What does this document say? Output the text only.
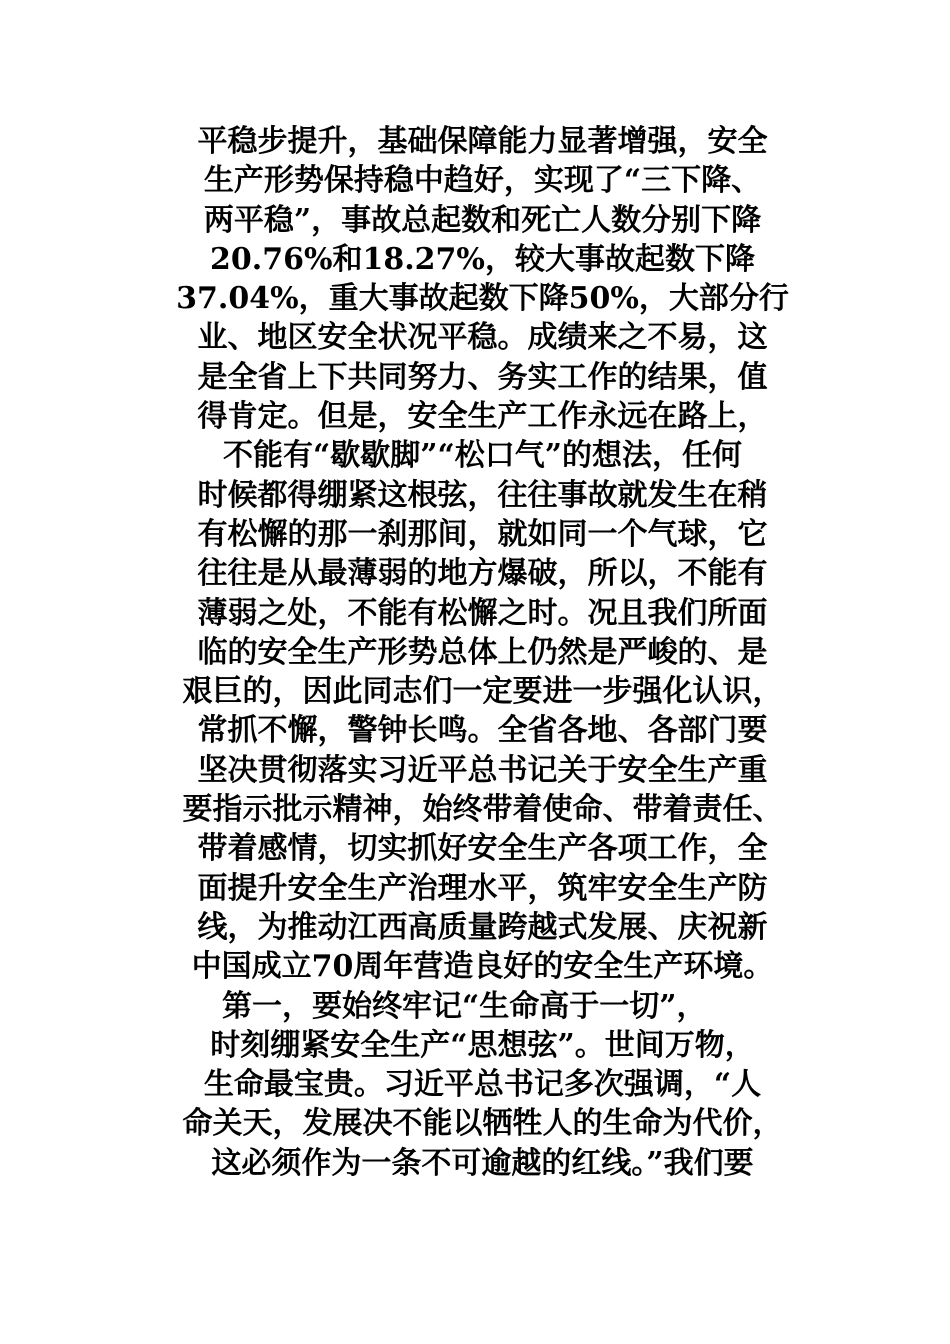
平稳步提升，基础保障能力显著增强，安全
生产形势保持稳中趋好，实现了“三下降、
两平稳”，事故总起数和死亡人数分别下降
20.76%和18.27%，较大事故起数下降
37.04%，重大事故起数下降50%，大部分行
业、地区安全状况平稳。成绩来之不易，这
是全省上下共同努力、务实工作的结果，值
得肯定。但是，安全生产工作永远在路上，
不能有“歇歇脚”“松口气”的想法，任何
时候都得绷紧这根弦，往往事故就发生在稍
有松懈的那一刹那间，就如同一个气球，它
往往是从最薄弱的地方爆破，所以，不能有
薄弱之处，不能有松懈之时。况且我们所面
临的安全生产形势总体上仍然是严峻的、是
艰巨的，因此同志们一定要进一步强化认识，
常抓不懈，警钟长鸣。全省各地、各部门要
坚决贯彻落实习近平总书记关于安全生产重
要指示批示精神，始终带着使命、带着责任、
带着感情，切实抓好安全生产各项工作，全
面提升安全生产治理水平，筑牢安全生产防
线，为推动江西高质量跨越式发展、庆祝新
中国成立70周年营造良好的安全生产环境。
第一，要始终牢记“生命高于一切”，
时刻绷紧安全生产“思想弦”。世间万物，
生命最宝贵。习近平总书记多次强调，“人
命关天，发展决不能以牺牲人的生命为代价，
这必须作为一条不可逾越的红线。”我们要
